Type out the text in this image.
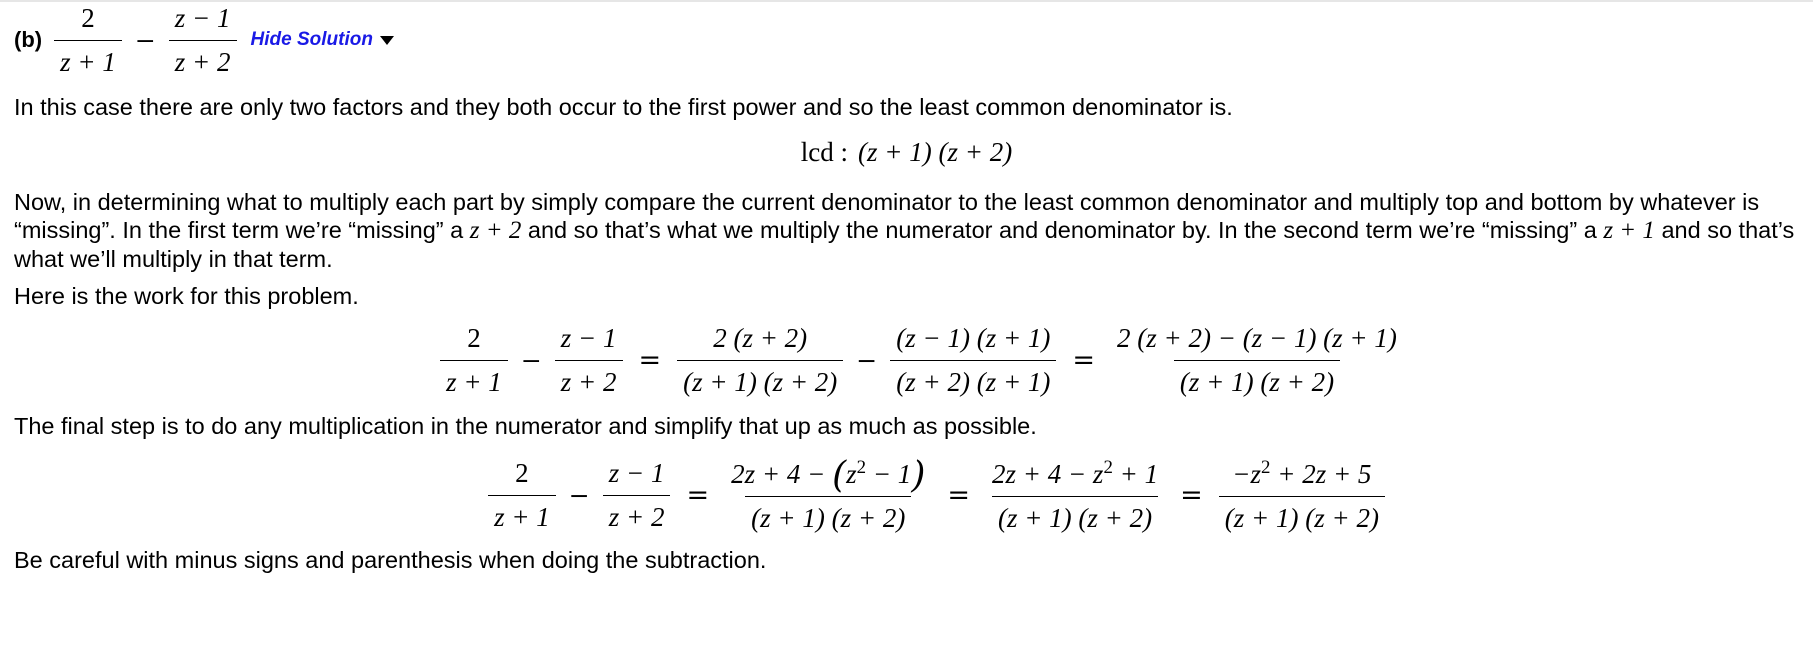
$(b) \frac{2}{z + 1} - \frac{z - 1}{z + 2}$ Hide Solution
In this case there are only two factors and they both occur to the first power and so the least common denominator is.
lcd : (z + 1) (z + 2)
Now, in determining what to multiply each part by simply compare the current denominator to the least common denominator and multiply top and bottom by whatever is “missing”. In the first term we’re “missing” a z + 2 and so that’s what we multiply the numerator and denominator by. In the second term we’re “missing” a z + 1 and so that’s what we’ll multiply in that term.
Here is the work for this problem.
$\frac{2}{z + 1} - \frac{z - 1}{z + 2} = \frac{2 (z + 2)}{(z + 1) (z + 2)} - \frac{(z - 1) (z + 1)}{(z + 2) (z + 1)} = \frac{2 (z + 2) - (z - 1) (z + 1)}{(z + 1) (z + 2)}$
The final step is to do any multiplication in the numerator and simplify that up as much as possible.
$\frac{2}{z + 1} - \frac{z - 1}{z + 2} = \frac{2z + 4 - (z^2 - 1)}{(z + 1) (z + 2)} = \frac{2z + 4 - z^2 + 1}{(z + 1) (z + 2)} = \frac{-z^2 + 2z + 5}{(z + 1) (z + 2)}$
Be careful with minus signs and parenthesis when doing the subtraction.
